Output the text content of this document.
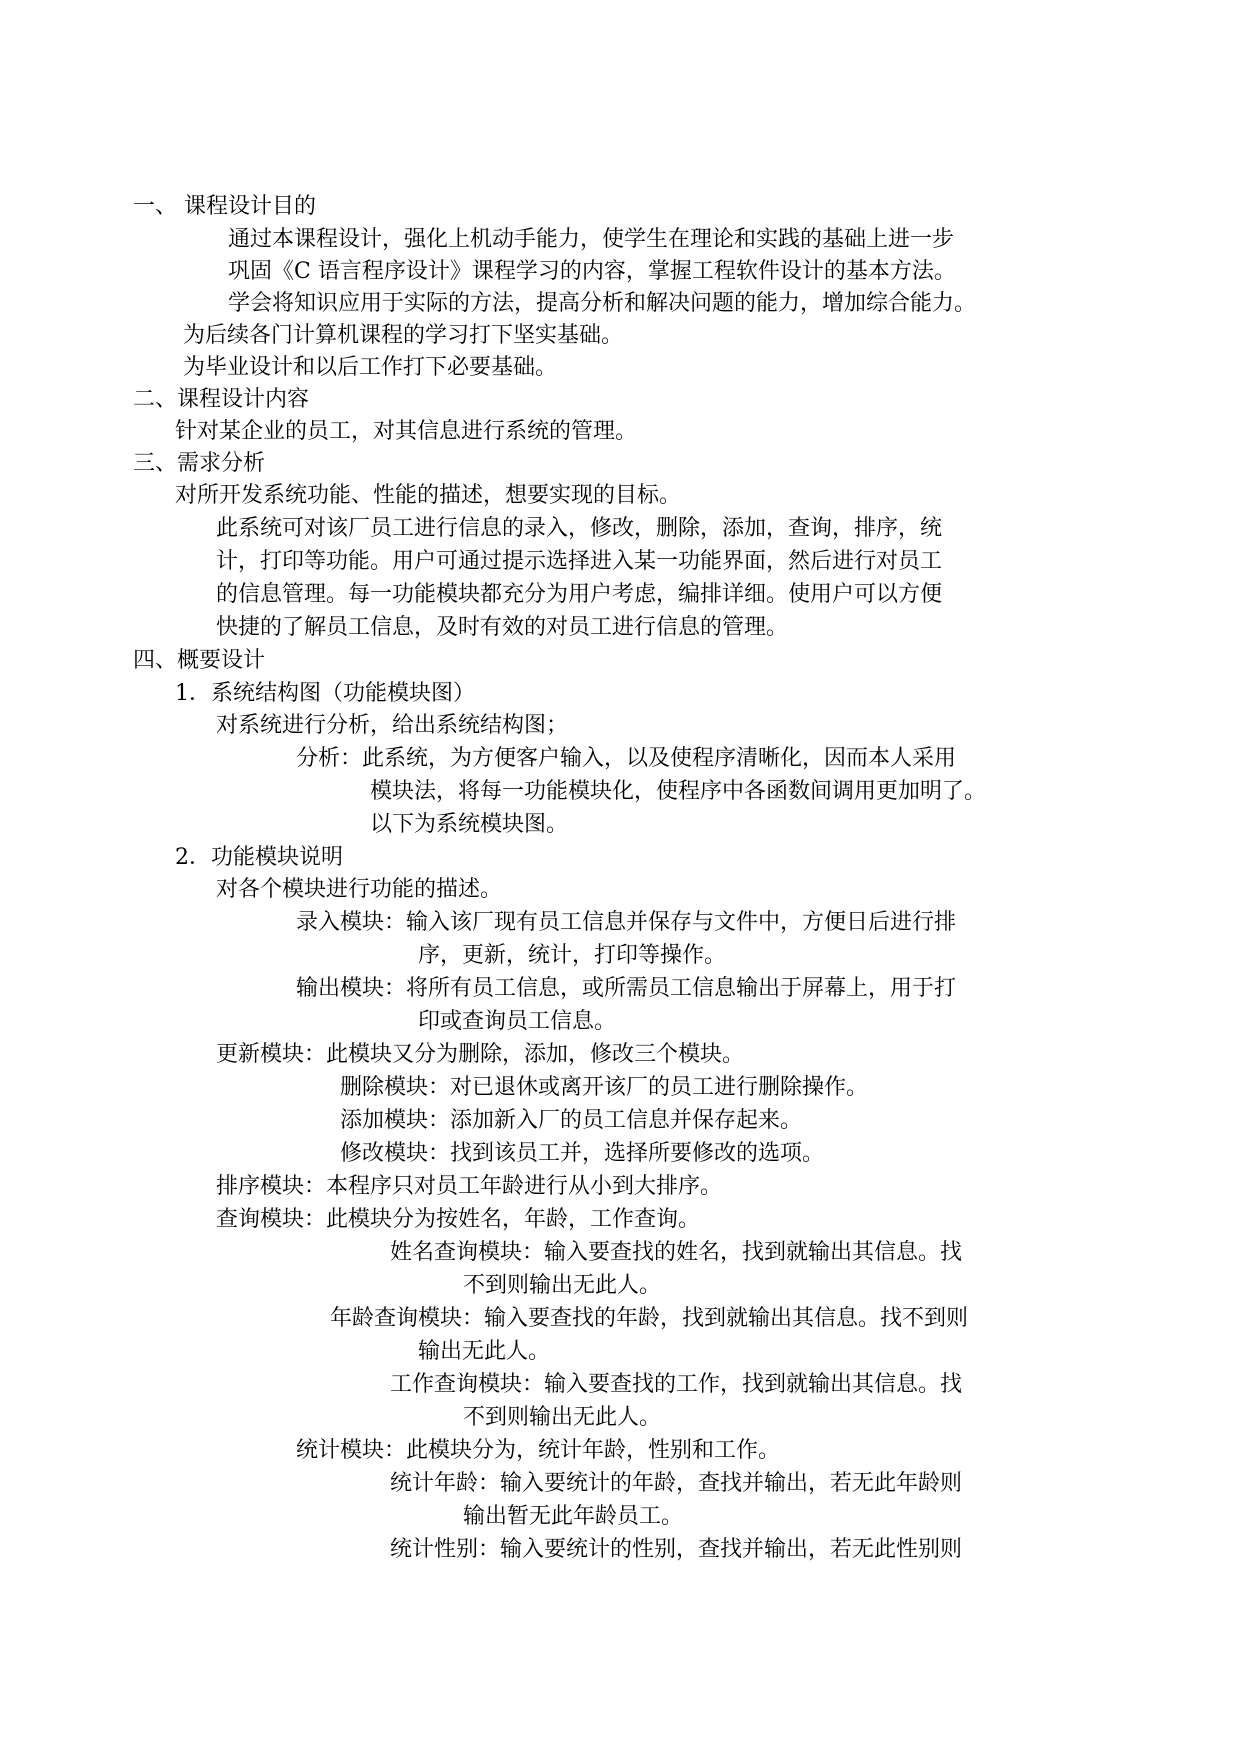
一、 课程设计目的
通过本课程设计，强化上机动手能力，使学生在理论和实践的基础上进一步
巩固《C 语言程序设计》课程学习的内容，掌握工程软件设计的基本方法。
学会将知识应用于实际的方法，提高分析和解决问题的能力，增加综合能力。
为后续各门计算机课程的学习打下坚实基础。
为毕业设计和以后工作打下必要基础。
二、课程设计内容
针对某企业的员工，对其信息进行系统的管理。
三、需求分析
对所开发系统功能、性能的描述，想要实现的目标。
此系统可对该厂员工进行信息的录入，修改，删除，添加，查询，排序，统
计，打印等功能。用户可通过提示选择进入某一功能界面，然后进行对员工
的信息管理。每一功能模块都充分为用户考虑，编排详细。使用户可以方便
快捷的了解员工信息，及时有效的对员工进行信息的管理。
四、概要设计
1．系统结构图（功能模块图）
对系统进行分析，给出系统结构图；
分析：此系统，为方便客户输入，以及使程序清晰化，因而本人采用
模块法，将每一功能模块化，使程序中各函数间调用更加明了。
以下为系统模块图。
2．功能模块说明
对各个模块进行功能的描述。
录入模块：输入该厂现有员工信息并保存与文件中，方便日后进行排
序，更新，统计，打印等操作。
输出模块：将所有员工信息，或所需员工信息输出于屏幕上，用于打
印或查询员工信息。
更新模块：此模块又分为删除，添加，修改三个模块。
删除模块：对已退休或离开该厂的员工进行删除操作。
添加模块：添加新入厂的员工信息并保存起来。
修改模块：找到该员工并，选择所要修改的选项。
排序模块：本程序只对员工年龄进行从小到大排序。
查询模块：此模块分为按姓名，年龄，工作查询。
姓名查询模块：输入要查找的姓名，找到就输出其信息。找
不到则输出无此人。
年龄查询模块：输入要查找的年龄，找到就输出其信息。找不到则
输出无此人。
工作查询模块：输入要查找的工作，找到就输出其信息。找
不到则输出无此人。
统计模块：此模块分为，统计年龄，性别和工作。
统计年龄：输入要统计的年龄，查找并输出，若无此年龄则
输出暂无此年龄员工。
统计性别：输入要统计的性别，查找并输出，若无此性别则
